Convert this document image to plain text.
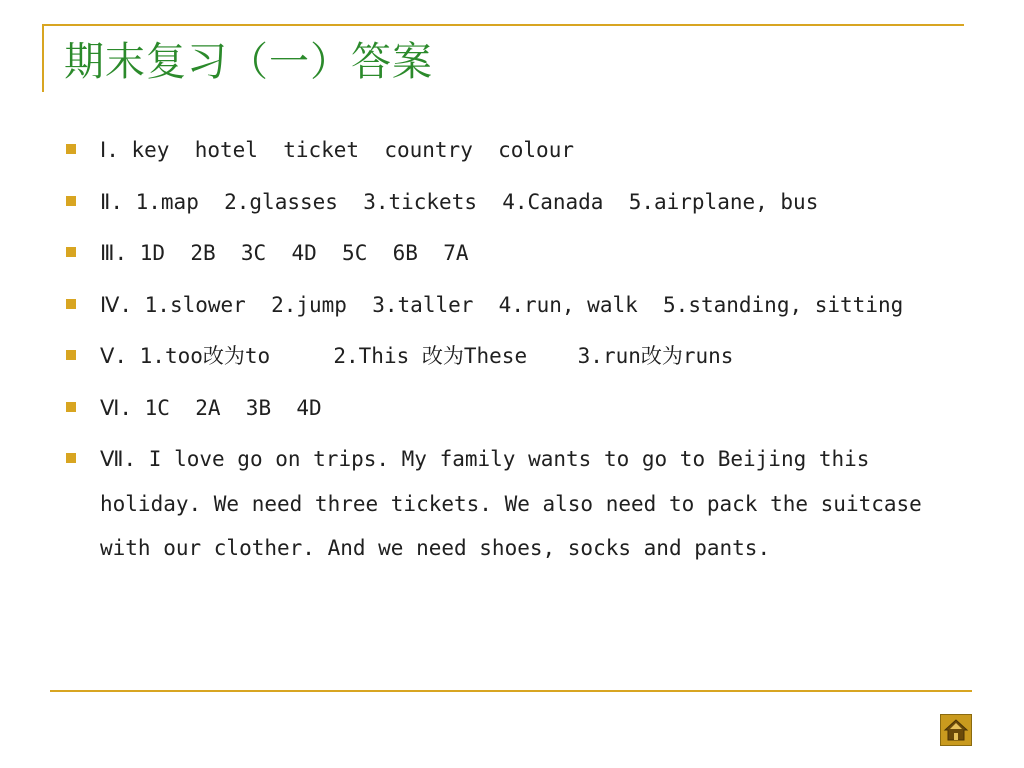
期末复习（一）答案
Ⅰ. key  hotel  ticket  country  colour
Ⅱ. 1.map  2.glasses  3.tickets  4.Canada  5.airplane, bus
Ⅲ. 1D  2B  3C  4D  5C  6B  7A
Ⅳ. 1.slower  2.jump  3.taller  4.run, walk  5.standing, sitting
Ⅴ. 1.too改为to     2.This 改为These    3.run改为runs
Ⅵ. 1C  2A  3B  4D
Ⅶ. I love go on trips. My family wants to go to Beijing this holiday. We need three tickets. We also need to pack the suitcase with our clother. And we need shoes, socks and pants.
